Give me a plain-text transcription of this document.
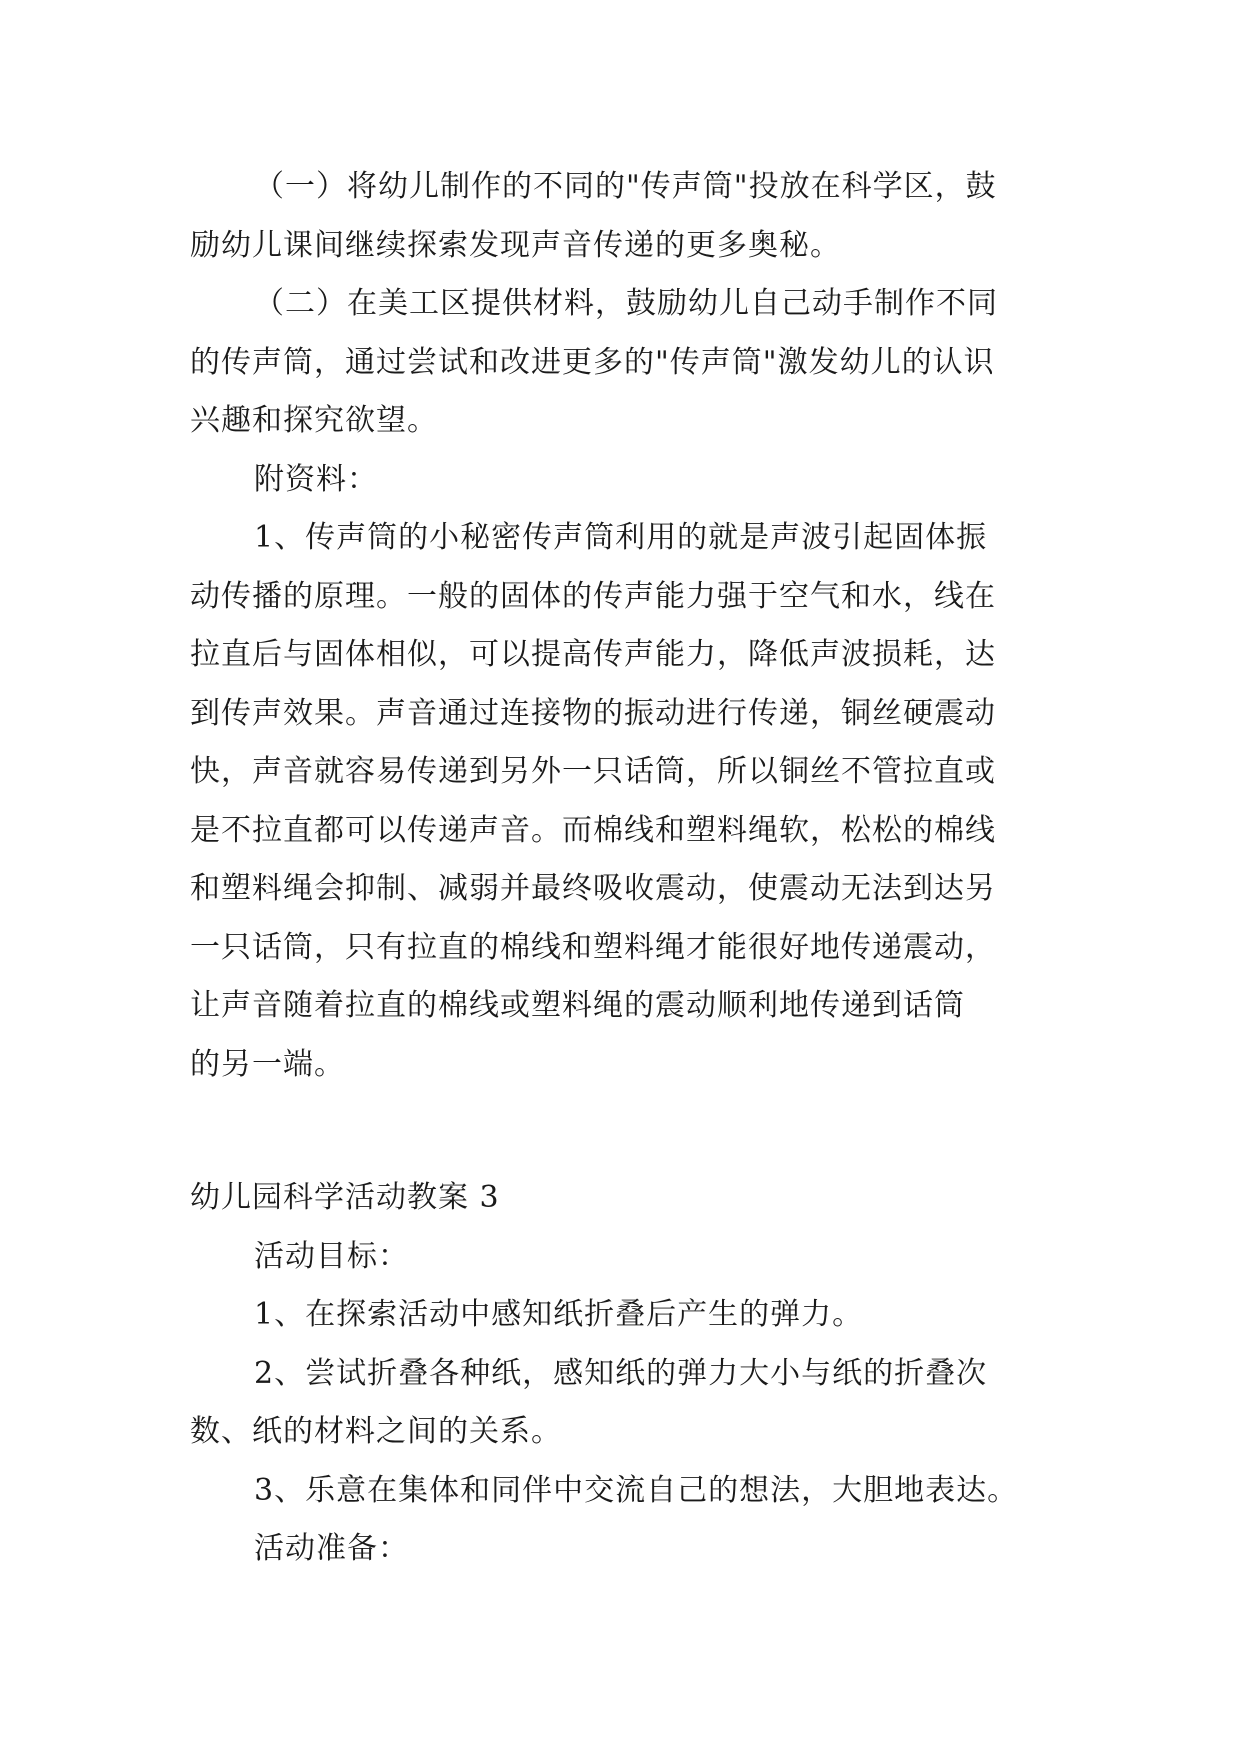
（一）将幼儿制作的不同的"传声筒"投放在科学区，鼓
励幼儿课间继续探索发现声音传递的更多奥秘。
（二）在美工区提供材料，鼓励幼儿自己动手制作不同
的传声筒，通过尝试和改进更多的"传声筒"激发幼儿的认识
兴趣和探究欲望。
附资料：
1、传声筒的小秘密传声筒利用的就是声波引起固体振
动传播的原理。一般的固体的传声能力强于空气和水，线在
拉直后与固体相似，可以提高传声能力，降低声波损耗，达
到传声效果。声音通过连接物的振动进行传递，铜丝硬震动
快，声音就容易传递到另外一只话筒，所以铜丝不管拉直或
是不拉直都可以传递声音。而棉线和塑料绳软，松松的棉线
和塑料绳会抑制、减弱并最终吸收震动，使震动无法到达另
一只话筒，只有拉直的棉线和塑料绳才能很好地传递震动，
让声音随着拉直的棉线或塑料绳的震动顺利地传递到话筒
的另一端。
幼儿园科学活动教案 3
活动目标：
1、在探索活动中感知纸折叠后产生的弹力。
2、尝试折叠各种纸，感知纸的弹力大小与纸的折叠次
数、纸的材料之间的关系。
3、乐意在集体和同伴中交流自己的想法，大胆地表达。
活动准备：
